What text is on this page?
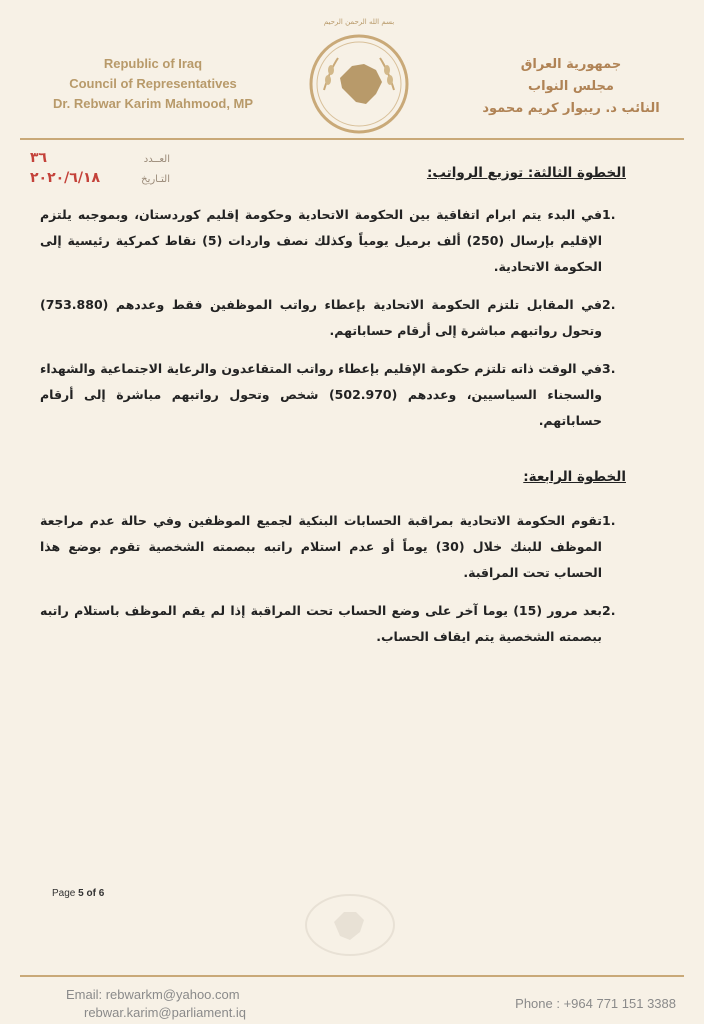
Republic of Iraq
Council of Representatives
Dr. Rebwar Karim Mahmood, MP
بسم الله الرحمن الرحيم
جمهورية العراق
مجلس النواب
النائب د. ريبوار كريم محمود
العــدد
٣٦
التـاريخ
٢٠٢٠/٦/١٨	الخطوة الثالثة: توزيع الرواتب:
1.
في البدء يتم ابرام اتفاقية بين الحكومة الاتحادية وحكومة إقليم كوردستان، وبموجبه يلتزم الإقليم بإرسال (250) ألف برميل يومياً وكذلك نصف واردات (5) نقاط كمركية رئيسية إلى الحكومة الاتحادية.
2.
في المقابل تلتزم الحكومة الاتحادية بإعطاء رواتب الموظفين فقط وعددهم (753.880) وتحول رواتبهم مباشرة إلى أرقام حساباتهم.
3.
في الوقت ذاته تلتزم حكومة الإقليم بإعطاء رواتب المتقاعدون والرعاية الاجتماعية والشهداء والسجناء السياسيين، وعددهم (502.970) شخص وتحول رواتبهم مباشرة إلى أرقام حساباتهم.
الخطوة الرابعة:
1.
تقوم الحكومة الاتحادية بمراقبة الحسابات البنكية لجميع الموظفين وفي حالة عدم مراجعة الموظف للبنك خلال (30) يوماً أو عدم استلام راتبه ببصمته الشخصية تقوم بوضع هذا الحساب تحت المراقبة.
2.
بعد مرور (15) يوما آخر على وضع الحساب تحت المراقبة إذا لم يقم الموظف باستلام راتبه ببصمته الشخصية يتم ايقاف الحساب.
Page 5 of 6
Email: rebwarkm@yahoo.com
rebwar.karim@parliament.iq
Phone : +964 771 151 3388
